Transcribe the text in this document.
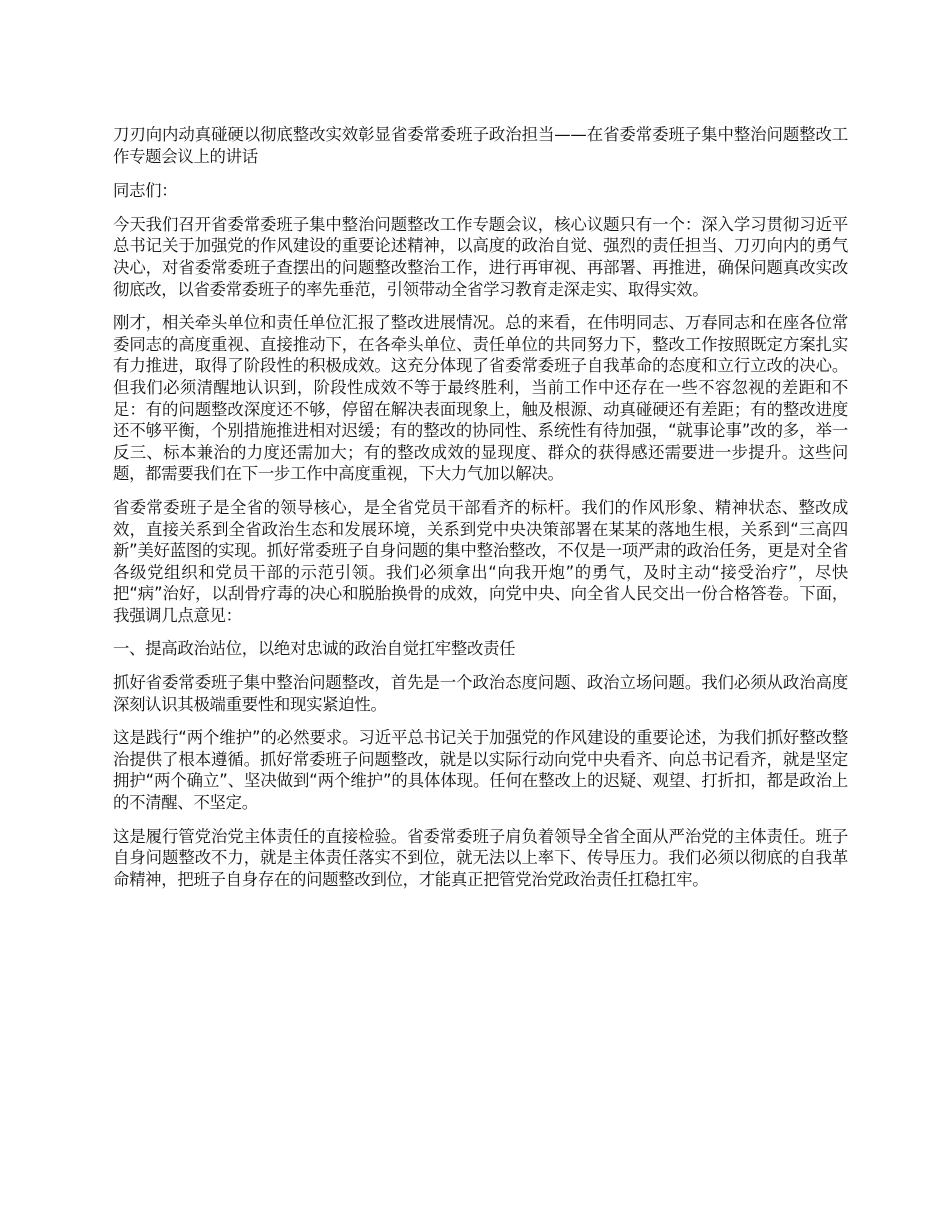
刀刃向内动真碰硬以彻底整改实效彰显省委常委班子政治担当——在省委常委班子集中整治问题整改工作专题会议上的讲话

同志们：

今天我们召开省委常委班子集中整治问题整改工作专题会议，核心议题只有一个：深入学习贯彻习近平总书记关于加强党的作风建设的重要论述精神，以高度的政治自觉、强烈的责任担当、刀刃向内的勇气决心，对省委常委班子查摆出的问题整改整治工作，进行再审视、再部署、再推进，确保问题真改实改彻底改，以省委常委班子的率先垂范，引领带动全省学习教育走深走实、取得实效。

刚才，相关牵头单位和责任单位汇报了整改进展情况。总的来看，在伟明同志、万春同志和在座各位常委同志的高度重视、直接推动下，在各牵头单位、责任单位的共同努力下，整改工作按照既定方案扎实有力推进，取得了阶段性的积极成效。这充分体现了省委常委班子自我革命的态度和立行立改的决心。但我们必须清醒地认识到，阶段性成效不等于最终胜利，当前工作中还存在一些不容忽视的差距和不足：有的问题整改深度还不够，停留在解决表面现象上，触及根源、动真碰硬还有差距；有的整改进度还不够平衡，个别措施推进相对迟缓；有的整改的协同性、系统性有待加强，“就事论事”改的多，举一反三、标本兼治的力度还需加大；有的整改成效的显现度、群众的获得感还需要进一步提升。这些问题，都需要我们在下一步工作中高度重视，下大力气加以解决。

省委常委班子是全省的领导核心，是全省党员干部看齐的标杆。我们的作风形象、精神状态、整改成效，直接关系到全省政治生态和发展环境，关系到党中央决策部署在某某的落地生根，关系到“三高四新”美好蓝图的实现。抓好常委班子自身问题的集中整治整改，不仅是一项严肃的政治任务，更是对全省各级党组织和党员干部的示范引领。我们必须拿出“向我开炮”的勇气，及时主动“接受治疗”，尽快把“病”治好，以刮骨疗毒的决心和脱胎换骨的成效，向党中央、向全省人民交出一份合格答卷。下面，我强调几点意见：

一、提高政治站位，以绝对忠诚的政治自觉扛牢整改责任

抓好省委常委班子集中整治问题整改，首先是一个政治态度问题、政治立场问题。我们必须从政治高度深刻认识其极端重要性和现实紧迫性。

这是践行“两个维护”的必然要求。习近平总书记关于加强党的作风建设的重要论述，为我们抓好整改整治提供了根本遵循。抓好常委班子问题整改，就是以实际行动向党中央看齐、向总书记看齐，就是坚定拥护“两个确立”、坚决做到“两个维护”的具体体现。任何在整改上的迟疑、观望、打折扣，都是政治上的不清醒、不坚定。

这是履行管党治党主体责任的直接检验。省委常委班子肩负着领导全省全面从严治党的主体责任。班子自身问题整改不力，就是主体责任落实不到位，就无法以上率下、传导压力。我们必须以彻底的自我革命精神，把班子自身存在的问题整改到位，才能真正把管党治党政治责任扛稳扛牢。
